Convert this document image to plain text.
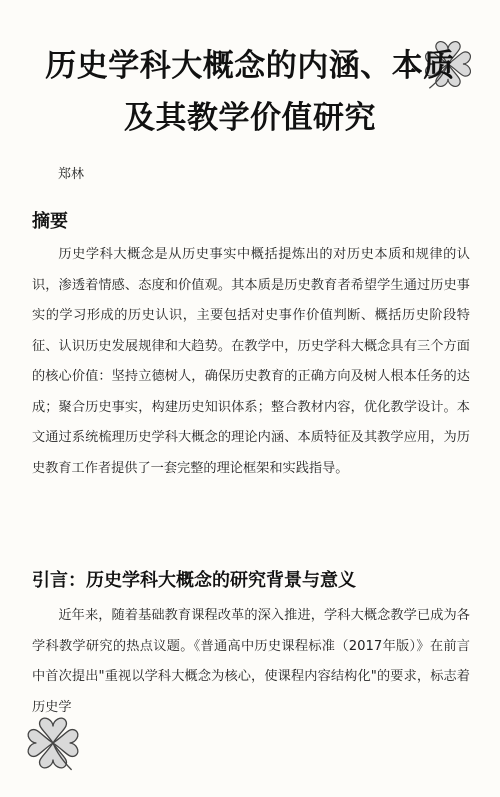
历史学科大概念的内涵、本质
及其教学价值研究
郑林
摘要
历史学科大概念是从历史事实中概括提炼出的对历史本质和规律的认识，渗透着情感、态度和价值观。其本质是历史教育者希望学生通过历史事实的学习形成的历史认识，主要包括对史事作价值判断、概括历史阶段特征、认识历史发展规律和大趋势。在教学中，历史学科大概念具有三个方面的核心价值：坚持立德树人，确保历史教育的正确方向及树人根本任务的达成；聚合历史事实，构建历史知识体系；整合教材内容，优化教学设计。本文通过系统梳理历史学科大概念的理论内涵、本质特征及其教学应用，为历史教育工作者提供了一套完整的理论框架和实践指导。
引言：历史学科大概念的研究背景与意义
近年来，随着基础教育课程改革的深入推进，学科大概念教学已成为各学科教学研究的热点议题。《普通高中历史课程标准（2017年版）》在前言中首次提出"重视以学科大概念为核心，使课程内容结构化"的要求，标志着历史学
